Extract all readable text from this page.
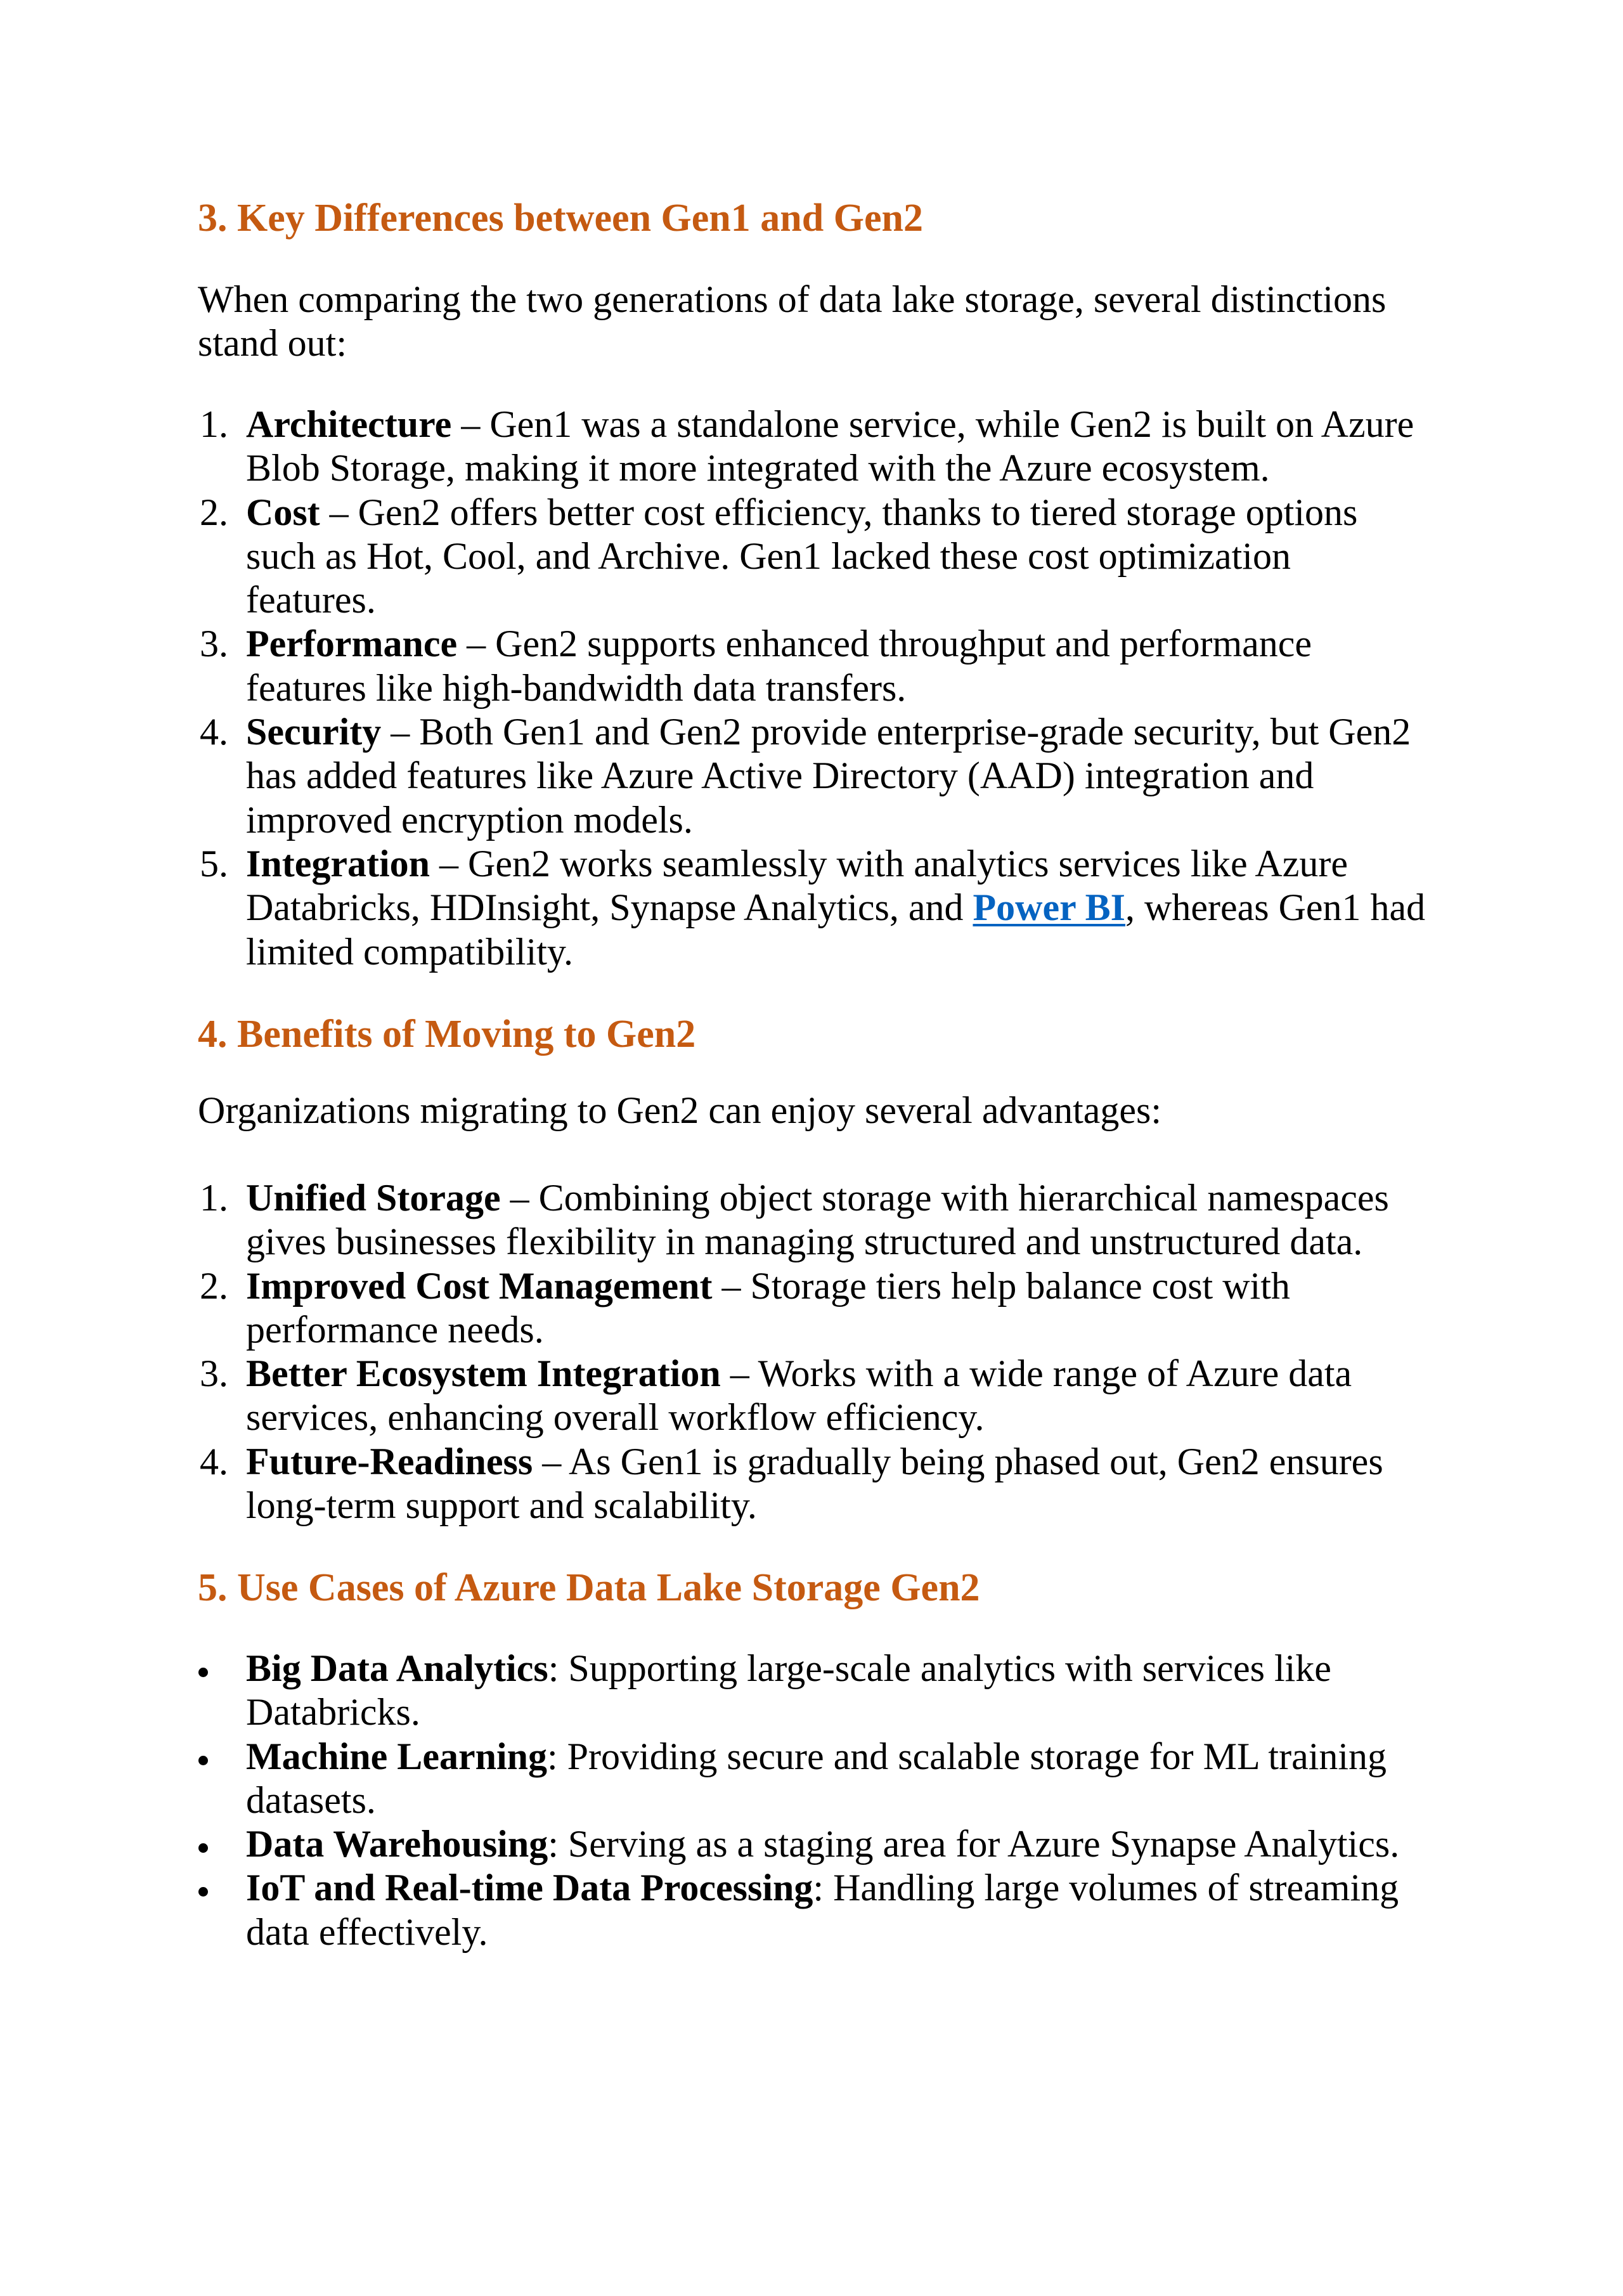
3. Key Differences between Gen1 and Gen2

When comparing the two generations of data lake storage, several distinctions stand out:

1. Architecture – Gen1 was a standalone service, while Gen2 is built on Azure Blob Storage, making it more integrated with the Azure ecosystem.
2. Cost – Gen2 offers better cost efficiency, thanks to tiered storage options such as Hot, Cool, and Archive. Gen1 lacked these cost optimization features.
3. Performance – Gen2 supports enhanced throughput and performance features like high-bandwidth data transfers.
4. Security – Both Gen1 and Gen2 provide enterprise-grade security, but Gen2 has added features like Azure Active Directory (AAD) integration and improved encryption models.
5. Integration – Gen2 works seamlessly with analytics services like Azure Databricks, HDInsight, Synapse Analytics, and Power BI, whereas Gen1 had limited compatibility.
4. Benefits of Moving to Gen2

Organizations migrating to Gen2 can enjoy several advantages:

1. Unified Storage – Combining object storage with hierarchical namespaces gives businesses flexibility in managing structured and unstructured data.
2. Improved Cost Management – Storage tiers help balance cost with performance needs.
3. Better Ecosystem Integration – Works with a wide range of Azure data services, enhancing overall workflow efficiency.
4. Future-Readiness – As Gen1 is gradually being phased out, Gen2 ensures long-term support and scalability.
5. Use Cases of Azure Data Lake Storage Gen2
Big Data Analytics: Supporting large-scale analytics with services like Databricks.
Machine Learning: Providing secure and scalable storage for ML training datasets.
Data Warehousing: Serving as a staging area for Azure Synapse Analytics.
IoT and Real-time Data Processing: Handling large volumes of streaming data effectively.
